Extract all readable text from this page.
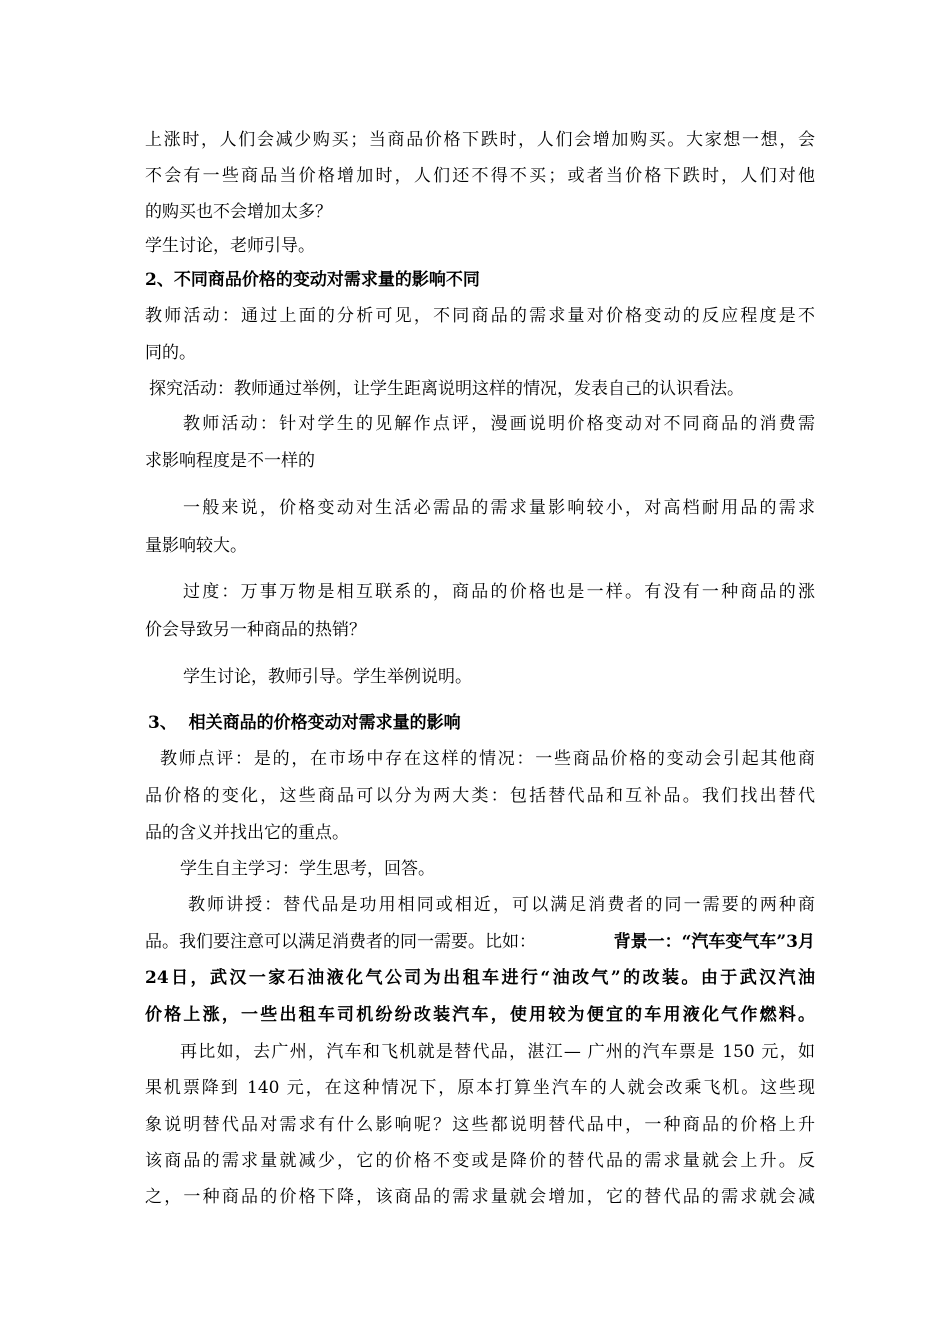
上涨时，人们会减少购买；当商品价格下跌时，人们会增加购买。大家想一想，会
不会有一些商品当价格增加时，人们还不得不买；或者当价格下跌时，人们对他
的购买也不会增加太多？
学生讨论，老师引导。
2、不同商品价格的变动对需求量的影响不同
教师活动：通过上面的分析可见，不同商品的需求量对价格变动的反应程度是不
同的。
探究活动：教师通过举例，让学生距离说明这样的情况，发表自己的认识看法。
教师活动：针对学生的见解作点评，漫画说明价格变动对不同商品的消费需
求影响程度是不一样的
一般来说，价格变动对生活必需品的需求量影响较小，对高档耐用品的需求
量影响较大。
过度：万事万物是相互联系的，商品的价格也是一样。有没有一种商品的涨
价会导致另一种商品的热销？
学生讨论，教师引导。学生举例说明。
3、  相关商品的价格变动对需求量的影响
教师点评：是的，在市场中存在这样的情况：一些商品价格的变动会引起其他商
品价格的变化，这些商品可以分为两大类：包括替代品和互补品。我们找出替代
品的含义并找出它的重点。
学生自主学习：学生思考，回答。
教师讲授：替代品是功用相同或相近，可以满足消费者的同一需要的两种商
品。我们要注意可以满足消费者的同一需要。比如：	背景一：“汽车变气车”3月
24日，武汉一家石油液化气公司为出租车进行“油改气”的改装。由于武汉汽油
价格上涨，一些出租车司机纷纷改装汽车，使用较为便宜的车用液化气作燃料。
再比如，去广州，汽车和飞机就是替代品，湛江— 广州的汽车票是 150 元，如
果机票降到 140 元，在这种情况下，原本打算坐汽车的人就会改乘飞机。这些现
象说明替代品对需求有什么影响呢？这些都说明替代品中，一种商品的价格上升
该商品的需求量就减少，它的价格不变或是降价的替代品的需求量就会上升。反
之，一种商品的价格下降，该商品的需求量就会增加，它的替代品的需求就会减
